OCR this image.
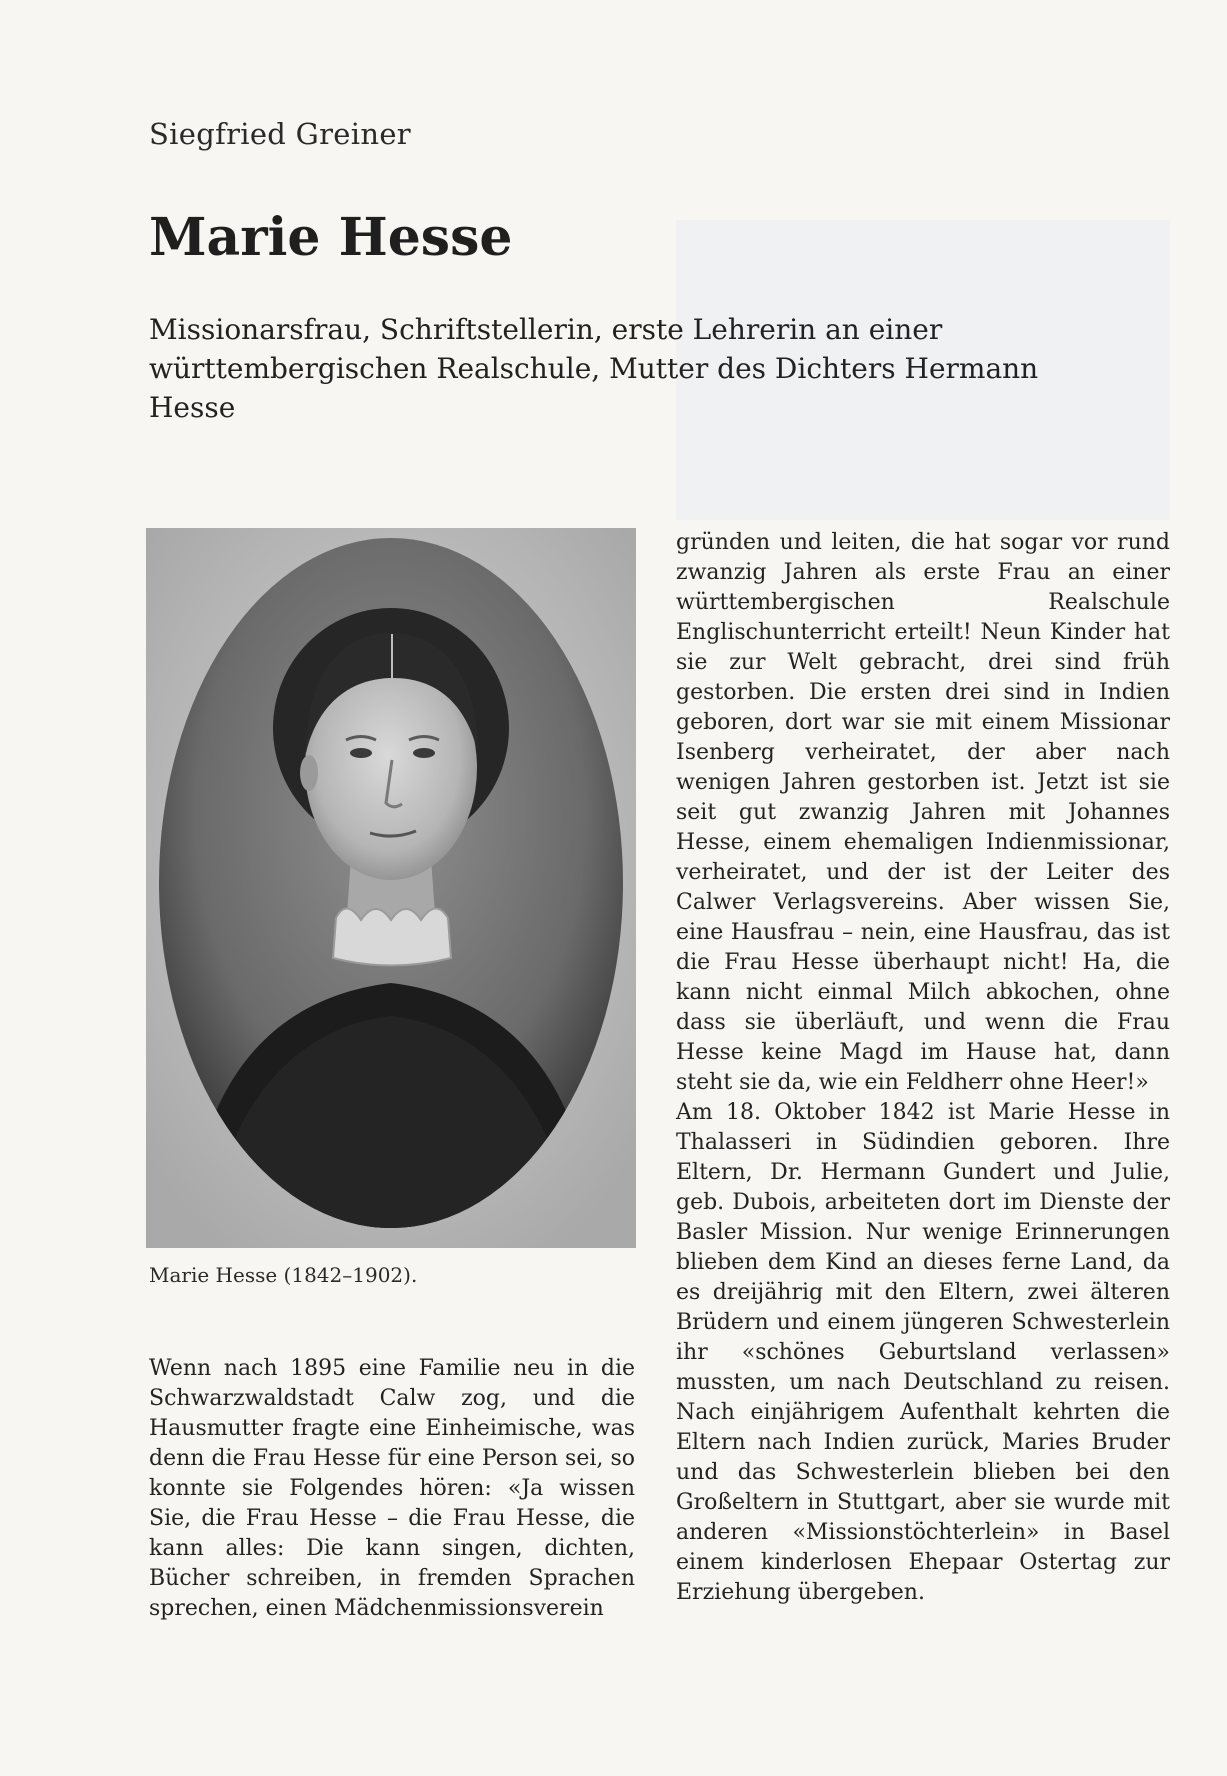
Siegfried Greiner
Marie Hesse
Missionarsfrau, Schriftstellerin, erste Lehrerin an einer württembergischen Realschule, Mutter des Dichters Hermann Hesse
Marie Hesse (1842–1902).

Wenn nach 1895 eine Familie neu in die Schwarzwaldstadt Calw zog, und die Hausmutter fragte eine Einheimische, was denn die Frau Hesse für eine Person sei, so konnte sie Folgendes hören: «Ja wissen Sie, die Frau Hesse – die Frau Hesse, die kann alles: Die kann singen, dichten, Bücher schreiben, in fremden Sprachen sprechen, einen Mädchenmissionsverein

gründen und leiten, die hat sogar vor rund zwanzig Jahren als erste Frau an einer württembergischen Realschule Englischunterricht erteilt! Neun Kinder hat sie zur Welt gebracht, drei sind früh gestorben. Die ersten drei sind in Indien geboren, dort war sie mit einem Missionar Isenberg verheiratet, der aber nach wenigen Jahren gestorben ist. Jetzt ist sie seit gut zwanzig Jahren mit Johannes Hesse, einem ehemaligen Indienmissionar, verheiratet, und der ist der Leiter des Calwer Verlagsvereins. Aber wissen Sie, eine Hausfrau – nein, eine Hausfrau, das ist die Frau Hesse überhaupt nicht! Ha, die kann nicht einmal Milch abkochen, ohne dass sie überläuft, und wenn die Frau Hesse keine Magd im Hause hat, dann steht sie da, wie ein Feldherr ohne Heer!»

Am 18. Oktober 1842 ist Marie Hesse in Thalasseri in Südindien geboren. Ihre Eltern, Dr. Hermann Gundert und Julie, geb. Dubois, arbeiteten dort im Dienste der Basler Mission. Nur wenige Erinnerungen blieben dem Kind an dieses ferne Land, da es dreijährig mit den Eltern, zwei älteren Brüdern und einem jüngeren Schwesterlein ihr «schönes Geburtsland verlassen» mussten, um nach Deutschland zu reisen. Nach einjährigem Aufenthalt kehrten die Eltern nach Indien zurück, Maries Bruder und das Schwesterlein blieben bei den Großeltern in Stuttgart, aber sie wurde mit anderen «Missionstöchterlein» in Basel einem kinderlosen Ehepaar Ostertag zur Erziehung übergeben.
